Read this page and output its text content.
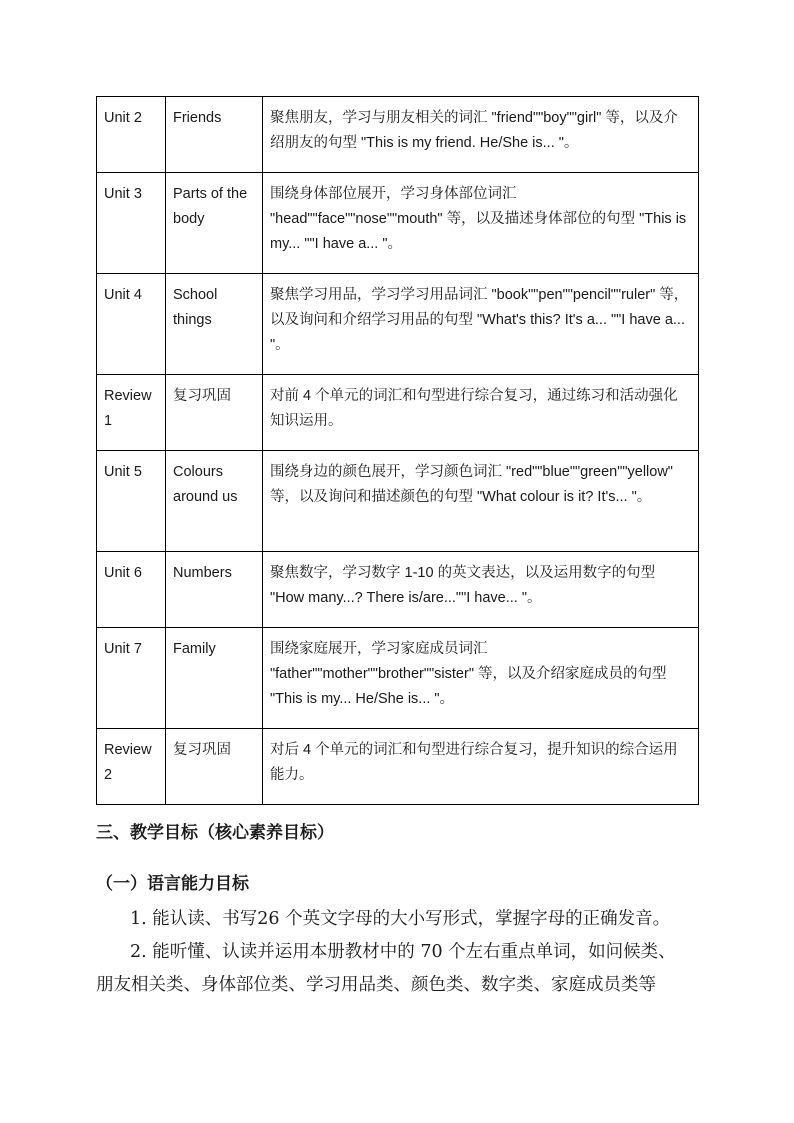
Unit 2	Friends	聚焦朋友，学习与朋友相关的词汇 "friend""boy""girl" 等，以及介绍朋友的句型 "This is my friend. He/She is... "。
Unit 3	Parts of the body	围绕身体部位展开，学习身体部位词汇 "head""face""nose""mouth" 等，以及描述身体部位的句型 "This is my... ""I have a... "。
Unit 4	School things	聚焦学习用品，学习学习用品词汇 "book""pen""pencil""ruler" 等，以及询问和介绍学习用品的句型 "What's this? It's a... ""I have a... "。
Review 1	复习巩固	对前 4 个单元的词汇和句型进行综合复习，通过练习和活动强化知识运用。
Unit 5	Colours around us	围绕身边的颜色展开，学习颜色词汇 "red""blue""green""yellow" 等，以及询问和描述颜色的句型 "What colour is it? It's... "。
Unit 6	Numbers	聚焦数字，学习数字 1-10 的英文表达，以及运用数字的句型 "How many...? There is/are...""I have... "。
Unit 7	Family	围绕家庭展开，学习家庭成员词汇 "father""mother""brother""sister" 等，以及介绍家庭成员的句型 "This is my... He/She is... "。
Review 2	复习巩固	对后 4 个单元的词汇和句型进行综合复习，提升知识的综合运用能力。
三、教学目标（核心素养目标）
（一）语言能力目标

1. 能认读、书写26 个英文字母的大小写形式，掌握字母的正确发音。

2. 能听懂、认读并运用本册教材中的 70 个左右重点单词，如问候类、

朋友相关类、身体部位类、学习用品类、颜色类、数字类、家庭成员类等
